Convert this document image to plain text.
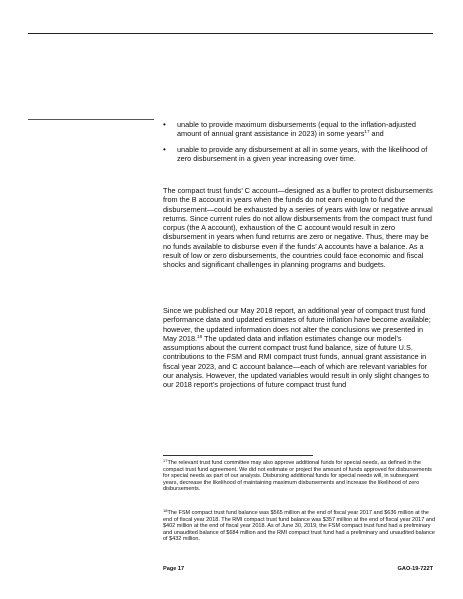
• unable to provide maximum disbursements (equal to the inflation-adjusted amount of annual grant assistance in 2023) in some years$^{17}$ and
• unable to provide any disbursement at all in some years, with the likelihood of zero disbursement in a given year increasing over time.

The compact trust funds’ C account—designed as a buffer to protect disbursements from the B account in years when the funds do not earn enough to fund the disbursement—could be exhausted by a series of years with low or negative annual returns. Since current rules do not allow disbursements from the compact trust fund corpus (the A account), exhaustion of the C account would result in zero disbursement in years when fund returns are zero or negative. Thus, there may be no funds available to disburse even if the funds’ A accounts have a balance. As a result of low or zero disbursements, the countries could face economic and fiscal shocks and significant challenges in planning programs and budgets.

Since we published our May 2018 report, an additional year of compact trust fund performance data and updated estimates of future inflation have become available; however, the updated information does not alter the conclusions we presented in May 2018.18 The updated data and inflation estimates change our model’s assumptions about the current compact trust fund balance, size of future U.S. contributions to the FSM and RMI compact trust funds, annual grant assistance in fiscal year 2023, and C account balance—each of which are relevant variables for our analysis. However, the updated variables would result in only slight changes to our 2018 report’s projections of future compact trust fund

$^{17}$The relevant trust fund committee may also approve additional funds for special needs, as defined in the compact trust fund agreement. We did not estimate or project the amount of funds approved for disbursements for special needs as part of our analysis. Disbursing additional funds for special needs will, in subsequent years, decrease the likelihood of maintaining maximum disbursements and increase the likelihood of zero disbursements.

$^{18}$The FSM compact trust fund balance was $565 million at the end of fiscal year 2017 and $636 million at the end of fiscal year 2018. The RMI compact trust fund balance was $357 million at the end of fiscal year 2017 and $402 million at the end of fiscal year 2018. As of June 30, 2019, the FSM compact trust fund had a preliminary and unaudited balance of $684 million and the RMI compact trust fund had a preliminary and unaudited balance of $432 million.

Page 17	GAO-19-722T
